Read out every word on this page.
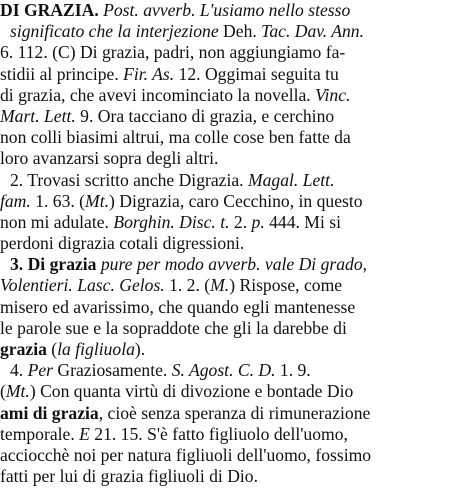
DI GRAZIA. Post. avverb. L'usiamo nello stesso
significato che la interjezione Deh. Tac. Dav. Ann.
6. 112. (C) Di grazia, padri, non aggiungiamo fa-
stidii al principe. Fir. As. 12. Oggimai seguita tu
di grazia, che avevi incominciato la novella. Vinc.
Mart. Lett. 9. Ora tacciano di grazia, e cerchino
non colli biasimi altrui, ma colle cose ben fatte da
loro avanzarsi sopra degli altri.
2. Trovasi scritto anche Digrazia. Magal. Lett.
fam. 1. 63. (Mt.) Digrazia, caro Cecchino, in questo
non mi adulate. Borghin. Disc. t. 2. p. 444. Mi si
perdoni digrazia cotali digressioni.
3. Di grazia pure per modo avverb. vale Di grado,
Volentieri. Lasc. Gelos. 1. 2. (M.) Rispose, come
misero ed avarissimo, che quando egli mantenesse
le parole sue e la sopraddote che gli la darebbe di
grazia (la figliuola).
4. Per Graziosamente. S. Agost. C. D. 1. 9.
(Mt.) Con quanta virtù di divozione e bontade Dio
ami di grazia, cioè senza speranza di rimunerazione
temporale. E 21. 15. S'è fatto figliuolo dell'uomo,
acciocchè noi per natura figliuoli dell'uomo, fossimo
fatti per lui di grazia figliuoli di Dio.
